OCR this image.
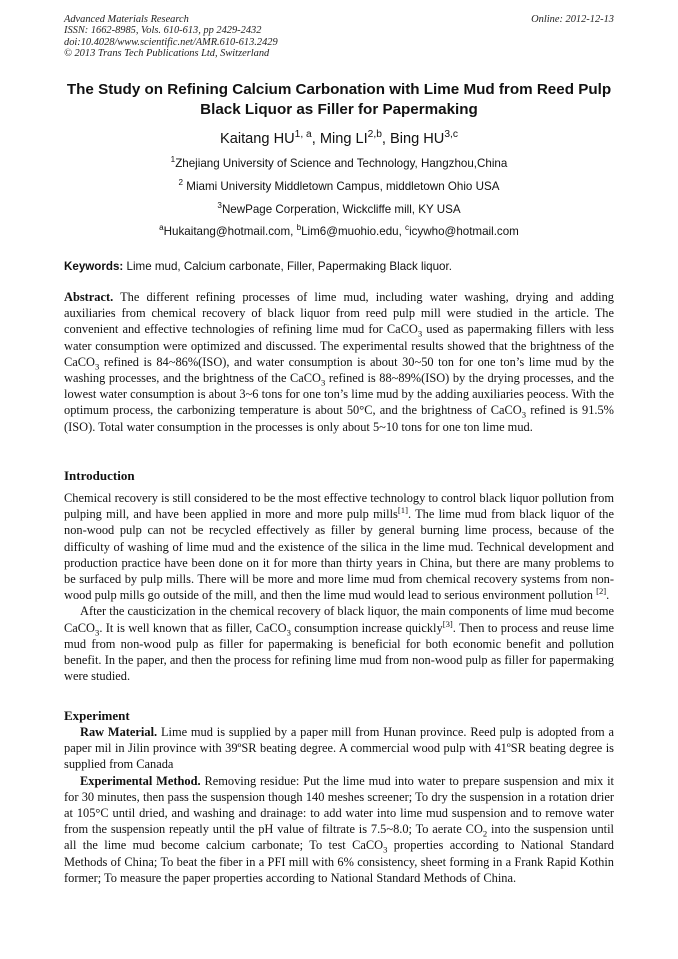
Advanced Materials Research
ISSN: 1662-8985, Vols. 610-613, pp 2429-2432
doi:10.4028/www.scientific.net/AMR.610-613.2429
© 2013 Trans Tech Publications Ltd, Switzerland
Online: 2012-12-13
The Study on Refining Calcium Carbonation with Lime Mud from Reed Pulp Black Liquor as Filler for Papermaking
Kaitang HU$^{1, a}$, Ming LI$^{2,b}$, Bing HU$^{3,c}$
$^1$Zhejiang University of Science and Technology, Hangzhou,China
$^2$ Miami University Middletown Campus, middletown Ohio USA
$^3$NewPage Corperation, Wickcliffe mill, KY USA
$^a$Hukaitang@hotmail.com, $^b$Lim6@muohio.edu, $^c$icywho@hotmail.com
Keywords: Lime mud, Calcium carbonate, Filler, Papermaking Black liquor.

Abstract. The different refining processes of lime mud, including water washing, drying and adding auxiliaries from chemical recovery of black liquor from reed pulp mill were studied in the article. The convenient and effective technologies of refining lime mud for CaCO$_3$ used as papermaking fillers with less water consumption were optimized and discussed. The experimental results showed that the brightness of the CaCO$_3$ refined is 84~86%(ISO), and water consumption is about 30~50 ton for one ton’s lime mud by the washing processes, and the brightness of the CaCO$_3$ refined is 88~89%(ISO) by the drying processes, and the lowest water consumption is about 3~6 tons for one ton’s lime mud by the adding auxiliaries peocess. With the optimum process, the carbonizing temperature is about 50°C, and the brightness of CaCO$_3$ refined is 91.5%(ISO). Total water consumption in the processes is only about 5~10 tons for one ton lime mud.

Introduction

Chemical recovery is still considered to be the most effective technology to control black liquor pollution from pulping mill, and have been applied in more and more pulp mills[1]. The lime mud from black liquor of the non-wood pulp can not be recycled effectively as filler by general burning lime process, because of the difficulty of washing of lime mud and the existence of the silica in the lime mud. Technical development and production practice have been done on it for more than thirty years in China, but there are many problems to be surfaced by pulp mills. There will be more and more lime mud from chemical recovery systems from non-wood pulp mills go outside of the mill, and then the lime mud would lead to serious environment pollution [2].

After the causticization in the chemical recovery of black liquor, the main components of lime mud become CaCO$_3$. It is well known that as filler, CaCO$_3$ consumption increase quickly[3]. Then to process and reuse lime mud from non-wood pulp as filler for papermaking is beneficial for both economic benefit and pollution benefit. In the paper, and then the process for refining lime mud from non-wood pulp as filler for papermaking were studied.

Experiment

Raw Material. Lime mud is supplied by a paper mill from Hunan province. Reed pulp is adopted from a paper mil in Jilin province with 39ºSR beating degree. A commercial wood pulp with 41ºSR beating degree is supplied from Canada

Experimental Method. Removing residue: Put the lime mud into water to prepare suspension and mix it for 30 minutes, then pass the suspension though 140 meshes screener; To dry the suspension in a rotation drier at 105°C until dried, and washing and drainage: to add water into lime mud suspension and to remove water from the suspension repeatly until the pH value of filtrate is 7.5~8.0; To aerate $CO_2$ into the suspension until all the lime mud become calcium carbonate; To test CaCO$_3$ properties according to National Standard Methods of China; To beat the fiber in a PFI mill with 6% consistency, sheet forming in a Frank Rapid Kothin former; To measure the paper properties according to National Standard Methods of China.
